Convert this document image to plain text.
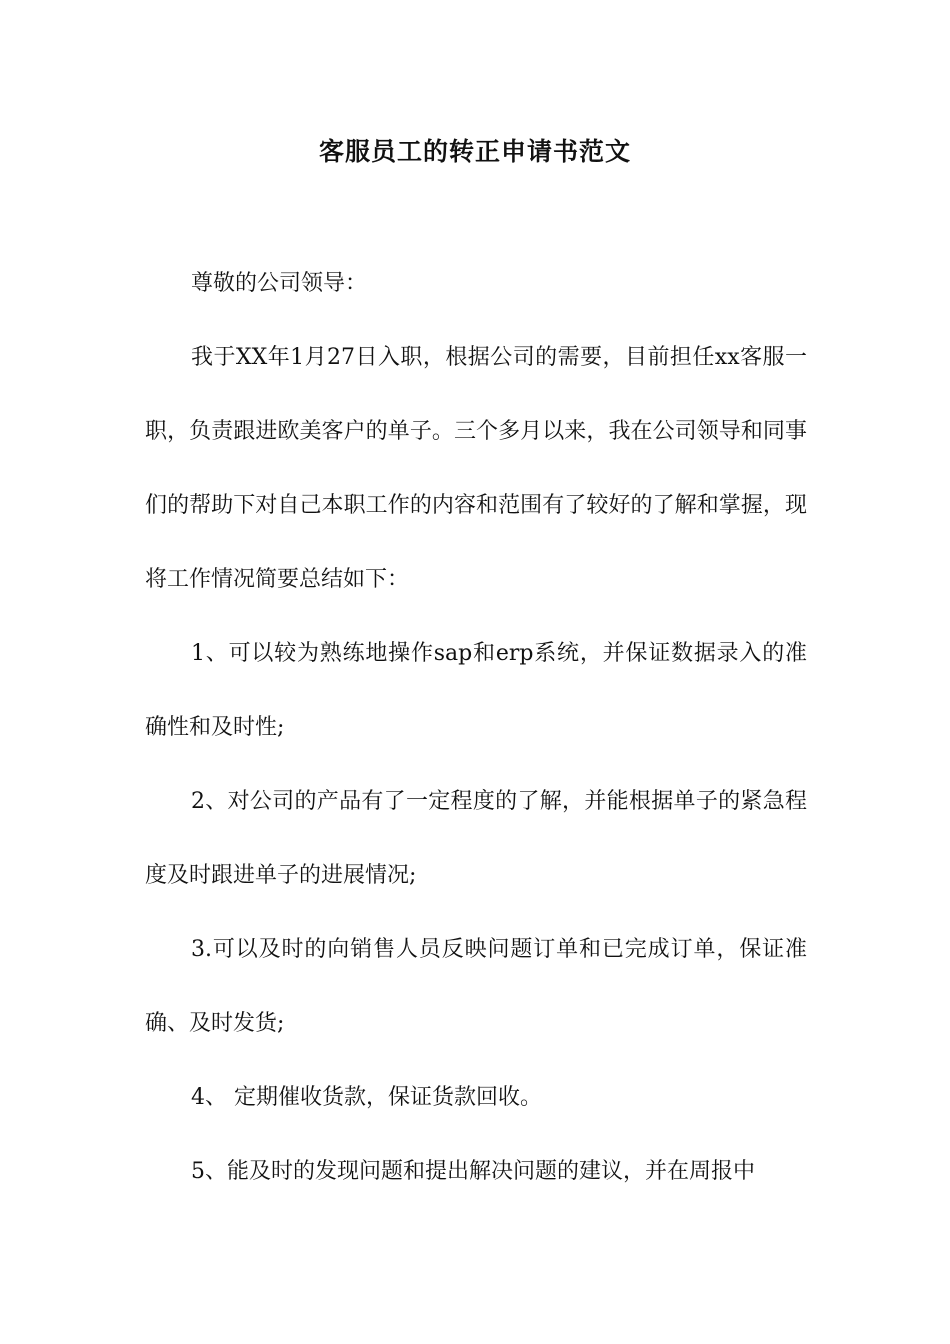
客服员工的转正申请书范文

尊敬的公司领导：

我于XX年1月27日入职，根据公司的需要，目前担任xx客服一职，负责跟进欧美客户的单子。三个多月以来，我在公司领导和同事们的帮助下对自己本职工作的内容和范围有了较好的了解和掌握，现将工作情况简要总结如下：

1、可以较为熟练地操作sap和erp系统，并保证数据录入的准确性和及时性;

2、对公司的产品有了一定程度的了解，并能根据单子的紧急程度及时跟进单子的进展情况;

3.可以及时的向销售人员反映问题订单和已完成订单，保证准确、及时发货;

4、 定期催收货款，保证货款回收。

5、能及时的发现问题和提出解决问题的建议，并在周报中
